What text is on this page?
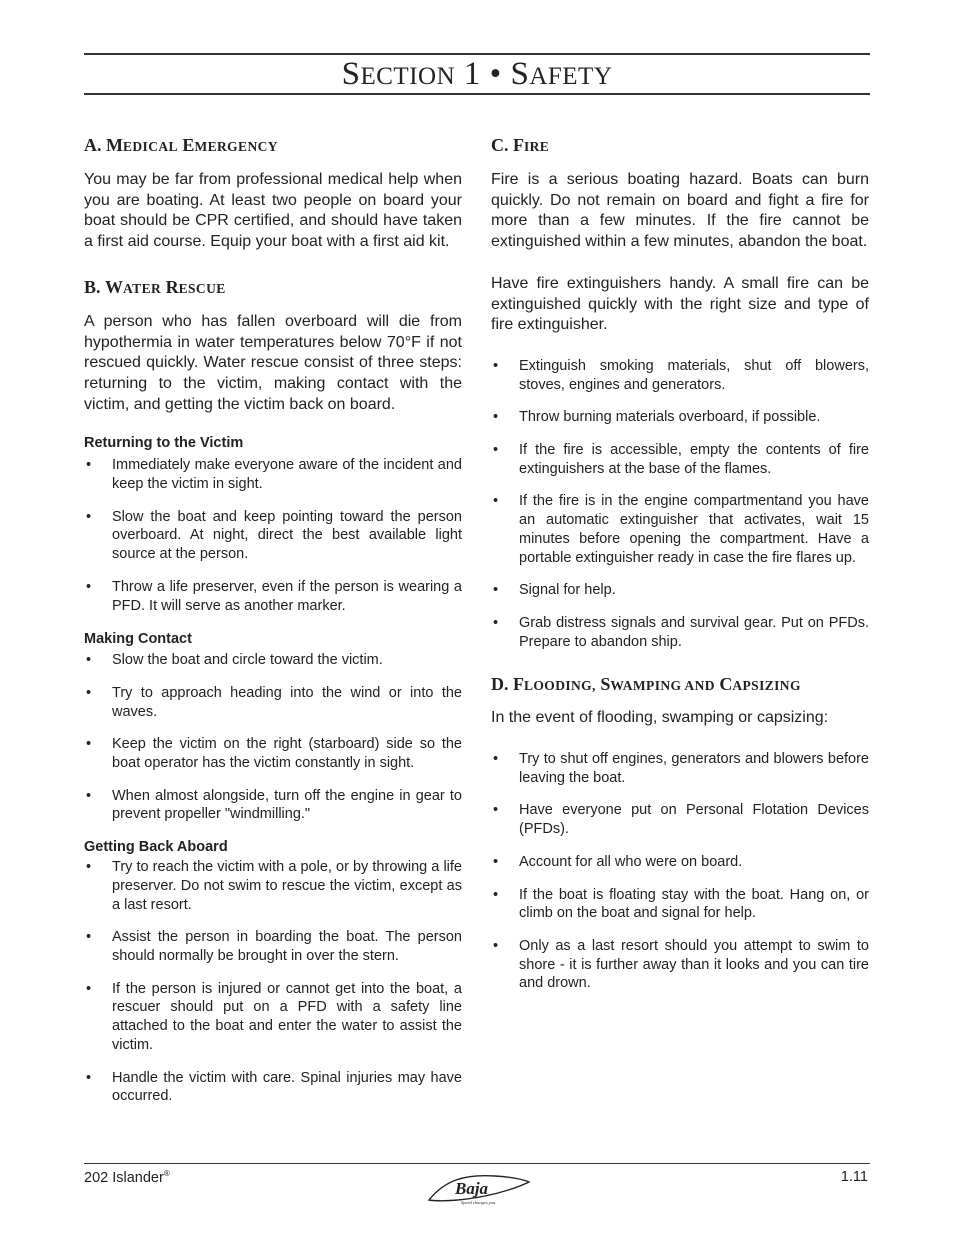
SECTION 1 • SAFETY
A. MEDICAL EMERGENCY

You may be far from professional medical help when you are boating. At least two people on board your boat should be CPR certified, and should have taken a first aid course. Equip your boat with a first aid kit.

B. WATER RESCUE

A person who has fallen overboard will die from hypothermia in water temperatures below 70°F if not rescued quickly. Water rescue consist of three steps: returning to the victim, making contact with the victim, and getting the victim back on board.

Returning to the Victim
• Immediately make everyone aware of the incident and keep the victim in sight.
• Slow the boat and keep pointing toward the person overboard. At night, direct the best available light source at the person.
• Throw a life preserver, even if the person is wearing a PFD. It will serve as another marker.
Making Contact
• Slow the boat and circle toward the victim.
• Try to approach heading into the wind or into the waves.
• Keep the victim on the right (starboard) side so the boat operator has the victim constantly in sight.
• When almost alongside, turn off the engine in gear to prevent propeller "windmilling."
Getting Back Aboard
• Try to reach the victim with a pole, or by throwing a life preserver. Do not swim to rescue the victim, except as a last resort.
• Assist the person in boarding the boat. The person should normally be brought in over the stern.
• If the person is injured or cannot get into the boat, a rescuer should put on a PFD with a safety line attached to the boat and enter the water to assist the victim.
• Handle the victim with care. Spinal injuries may have occurred.
C. FIRE

Fire is a serious boating hazard. Boats can burn quickly. Do not remain on board and fight a fire for more than a few minutes. If the fire cannot be extinguished within a few minutes, abandon the boat.

Have fire extinguishers handy. A small fire can be extinguished quickly with the right size and type of fire extinguisher.

• Extinguish smoking materials, shut off blowers, stoves, engines and generators.
• Throw burning materials overboard, if possible.
• If the fire is accessible, empty the contents of fire extinguishers at the base of the flames.
• If the fire is in the engine compartmentand you have an automatic extinguisher that activates, wait 15 minutes before opening the compartment. Have a portable extinguisher ready in case the fire flares up.
• Signal for help.
• Grab distress signals and survival gear. Put on PFDs. Prepare to abandon ship.
D. FLOODING, SWAMPING AND CAPSIZING

In the event of flooding, swamping or capsizing:

• Try to shut off engines, generators and blowers before leaving the boat.
• Have everyone put on Personal Flotation Devices (PFDs).
• Account for all who were on board.
• If the boat is floating stay with the boat. Hang on, or climb on the boat and signal for help.
• Only as a last resort should you attempt to swim to shore - it is further away than it looks and you can tire and drown.
202 Islander®
Baja
Speed changes you.
1.11
